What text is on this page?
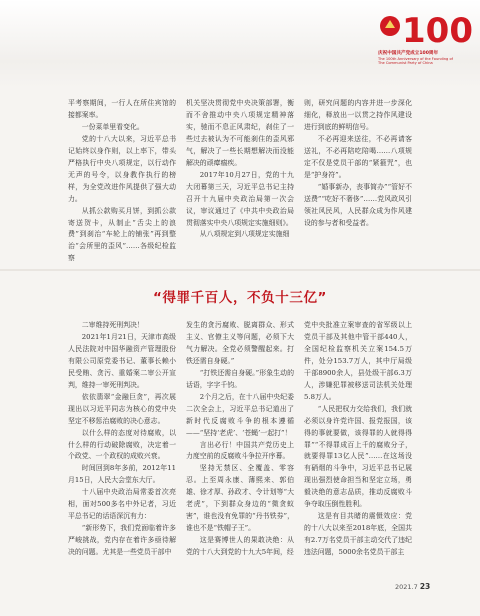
100
庆祝中国共产党成立100周年
The 100th Anniversary of the Founding of
The Communist Party of China

平考察期间，一行人在所住宾馆的接都案率。

一份菜单里看变化。

党的十八大以来，习近平总书记始终以身作则，以上率下，带头严格执行中央八项规定，以行动作无声的号令，以身教作执行的榜样，为全党改进作风提供了强大动力。

从抓公款购买月饼，到抓公款寄送贺卡，从制止“舌尖上的浪费”到刹治“车轮上的铺张”再到整治“会所里的歪风”……各级纪检监察

机关坚决贯彻党中央决策部署，衡而不舍推动中央八项规定精神落实，驰而不息正风肃纪，刹住了一些过去被认为不可能刹住的歪风邪气，解决了一些长期想解决而没能解决的顽瘴痼疾。

2017年10月27日，党的十九大闭幕第三天，习近平总书记主持召开十九届中央政治局第一次会议，审议通过了《中共中央政治局贯彻落实中央八项规定实施细则》。

从八项规定到八项规定实施细

则，研究问题的内容并进一步深化细化，释放出一以贯之持作风建设进行到底的鲜明信号。

不必再迎来送往，不必再请客送礼，不必再陪吃陪喝……八项规定不仅是党员干部的“紧箍咒”，也是“护身符”。

“婚事新办，丧事简办”“管好不送费”“吃好不奢侈”……党风政风引领社风民风，人民群众成为作风建设的参与者和受益者。

“得罪千百人，不负十三亿”

二审维持死刑判决！

2021年1月21日，天津市高级人民法院对中国华融资产管理股份有限公司原党委书记、董事长赖小民受贿、贪污、重婚案二审公开宣判，维持一审死刑判决。

依依翡翠“金融巨贪”，再次展现出以习近平同志为核心的党中央坚定不移惩治腐败的决心意志。

以什么样的态度对待腐败，以什么样的行动破除腐败，决定着一个政党、一个政权的成败兴衰。

时间回到8年多前，2012年11月15日，人民大会堂东大厅。

十八届中央政治局常委首次亮相，面对500多名中外记者，习近平总书记的话语深沉有力：

“新形势下，我们党面临着许多严峻挑战，党内存在着许多亟待解决的问题。尤其是一些党员干部中

发生的贪污腐败、脱离群众、形式主义、官僚主义等问题，必须下大气力解决。全党必须警醒起来。打铁还需自身硬。”

“打铁还需自身硬。”形象生动的话语，字字千钧。

2个月之后，在十八届中央纪委二次全会上，习近平总书记道出了新时代反腐败斗争的根本遵循——“坚持‘老虎’、‘苍蝇’一起打”！

言出必行！中国共产党历史上力度空前的反腐败斗争拉开序幕。

坚持无禁区、全覆盖、零容忍。上至周永康、薄熙来、郭伯雄、徐才厚、孙政才、令计划等“大老虎”，下到群众身边的“微贪蚁害”，谁也没有免罪的“丹书铁券”，谁也不是“铁帽子王”。

这是赛博世人的果敢决绝：从党的十八大到党的十九大5年间，经

党中央批准立案审查的省军级以上党员干部及其他中管干部440人，全国纪检监察机关立案154.5万件，处分153.7万人，其中厅局级干部8900余人，县处级干部6.3万人，涉嫌犯罪被移送司法机关处理5.8万人。

“人民把权力交给我们，我们就必须以身许党许国、报党报国，该得的事就要做，该得罪的人就得得罪”“不得罪成百上千的腐败分子，就要得罪13亿人民”……在这场没有硝烟的斗争中，习近平总书记展现出强烈使命担当和坚定立场，勇毅决绝的意志品质，推动反腐败斗争夺取压倒性胜利。

这是有目共睹的震慑效应：党的十八大以来至2018年底，全国共有2.7万名党员干部主动交代了违纪违法问题，5000余名党员干部主

2021.7 23
